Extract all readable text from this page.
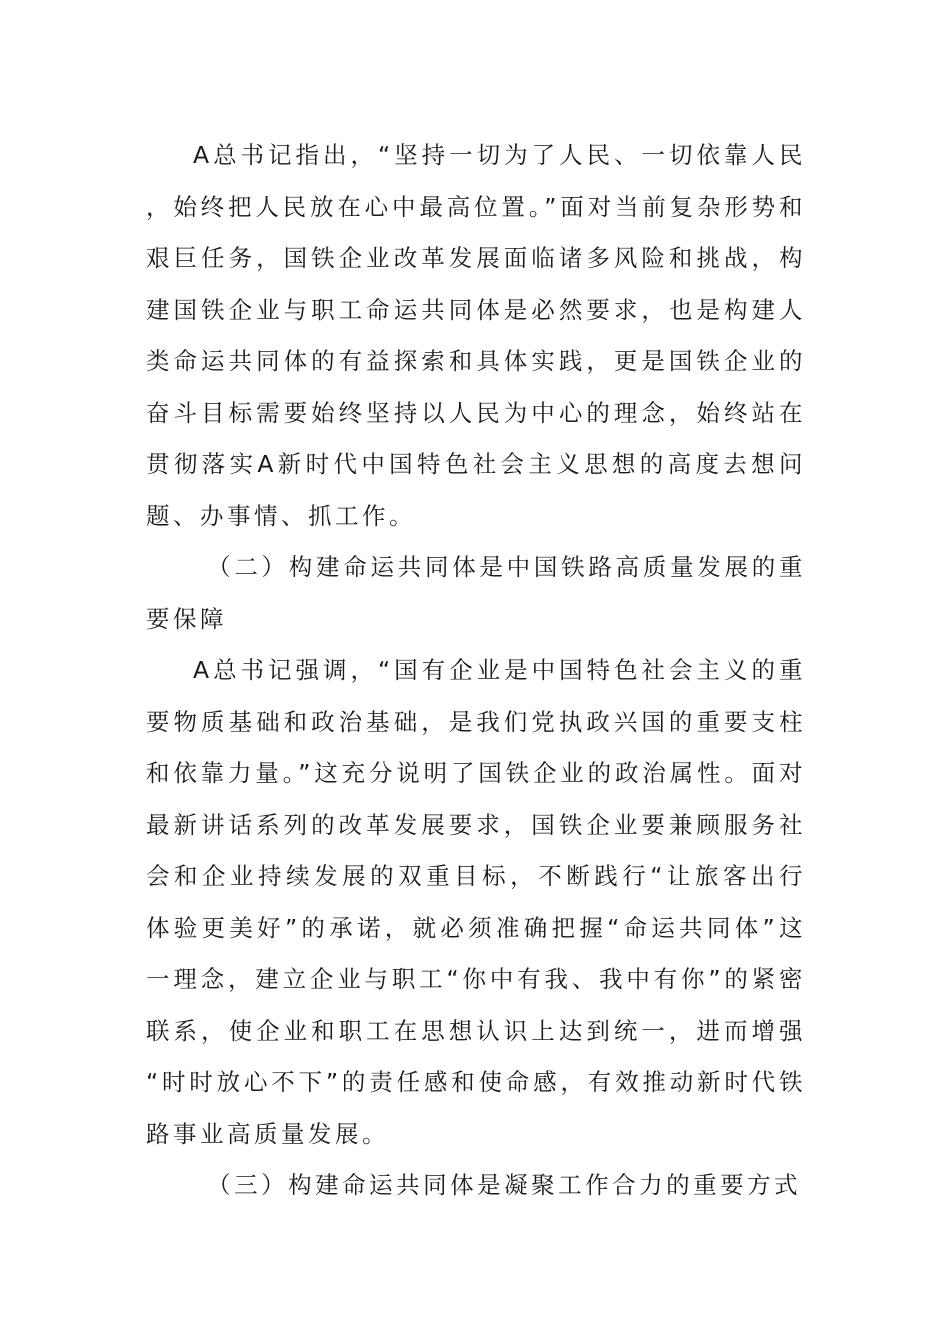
A总书记指出，“坚持一切为了人民、一切依靠人民，始终把人民放在心中最高位置。”面对当前复杂形势和艰巨任务，国铁企业改革发展面临诸多风险和挑战，构建国铁企业与职工命运共同体是必然要求，也是构建人类命运共同体的有益探索和具体实践，更是国铁企业的奋斗目标需要始终坚持以人民为中心的理念，始终站在贯彻落实A新时代中国特色社会主义思想的高度去想问题、办事情、抓工作。

（二）构建命运共同体是中国铁路高质量发展的重要保障

A总书记强调，“国有企业是中国特色社会主义的重要物质基础和政治基础，是我们党执政兴国的重要支柱和依靠力量。”这充分说明了国铁企业的政治属性。面对最新讲话系列的改革发展要求，国铁企业要兼顾服务社会和企业持续发展的双重目标，不断践行“让旅客出行体验更美好”的承诺，就必须准确把握“命运共同体”这一理念，建立企业与职工“你中有我、我中有你”的紧密联系，使企业和职工在思想认识上达到统一，进而增强“时时放心不下”的责任感和使命感，有效推动新时代铁路事业高质量发展。

（三）构建命运共同体是凝聚工作合力的重要方式
